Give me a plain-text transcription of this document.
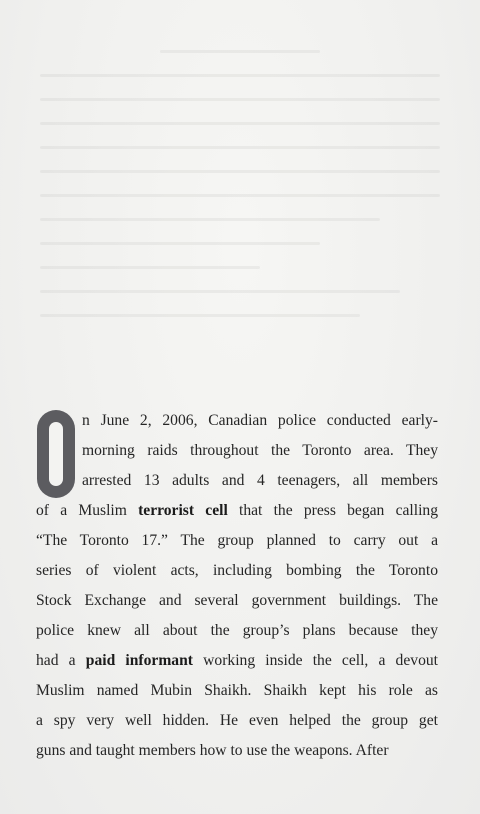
n June 2, 2006, Canadian police conducted early-
morning raids throughout the Toronto area. They
arrested 13 adults and 4 teenagers, all members
of a Muslim terrorist cell that the press began calling
“The Toronto 17.” The group planned to carry out a
series of violent acts, including bombing the Toronto
Stock Exchange and several government buildings. The
police knew all about the group’s plans because they
had a paid informant working inside the cell, a devout
Muslim named Mubin Shaikh. Shaikh kept his role as
a spy very well hidden. He even helped the group get
guns and taught members how to use the weapons. After
